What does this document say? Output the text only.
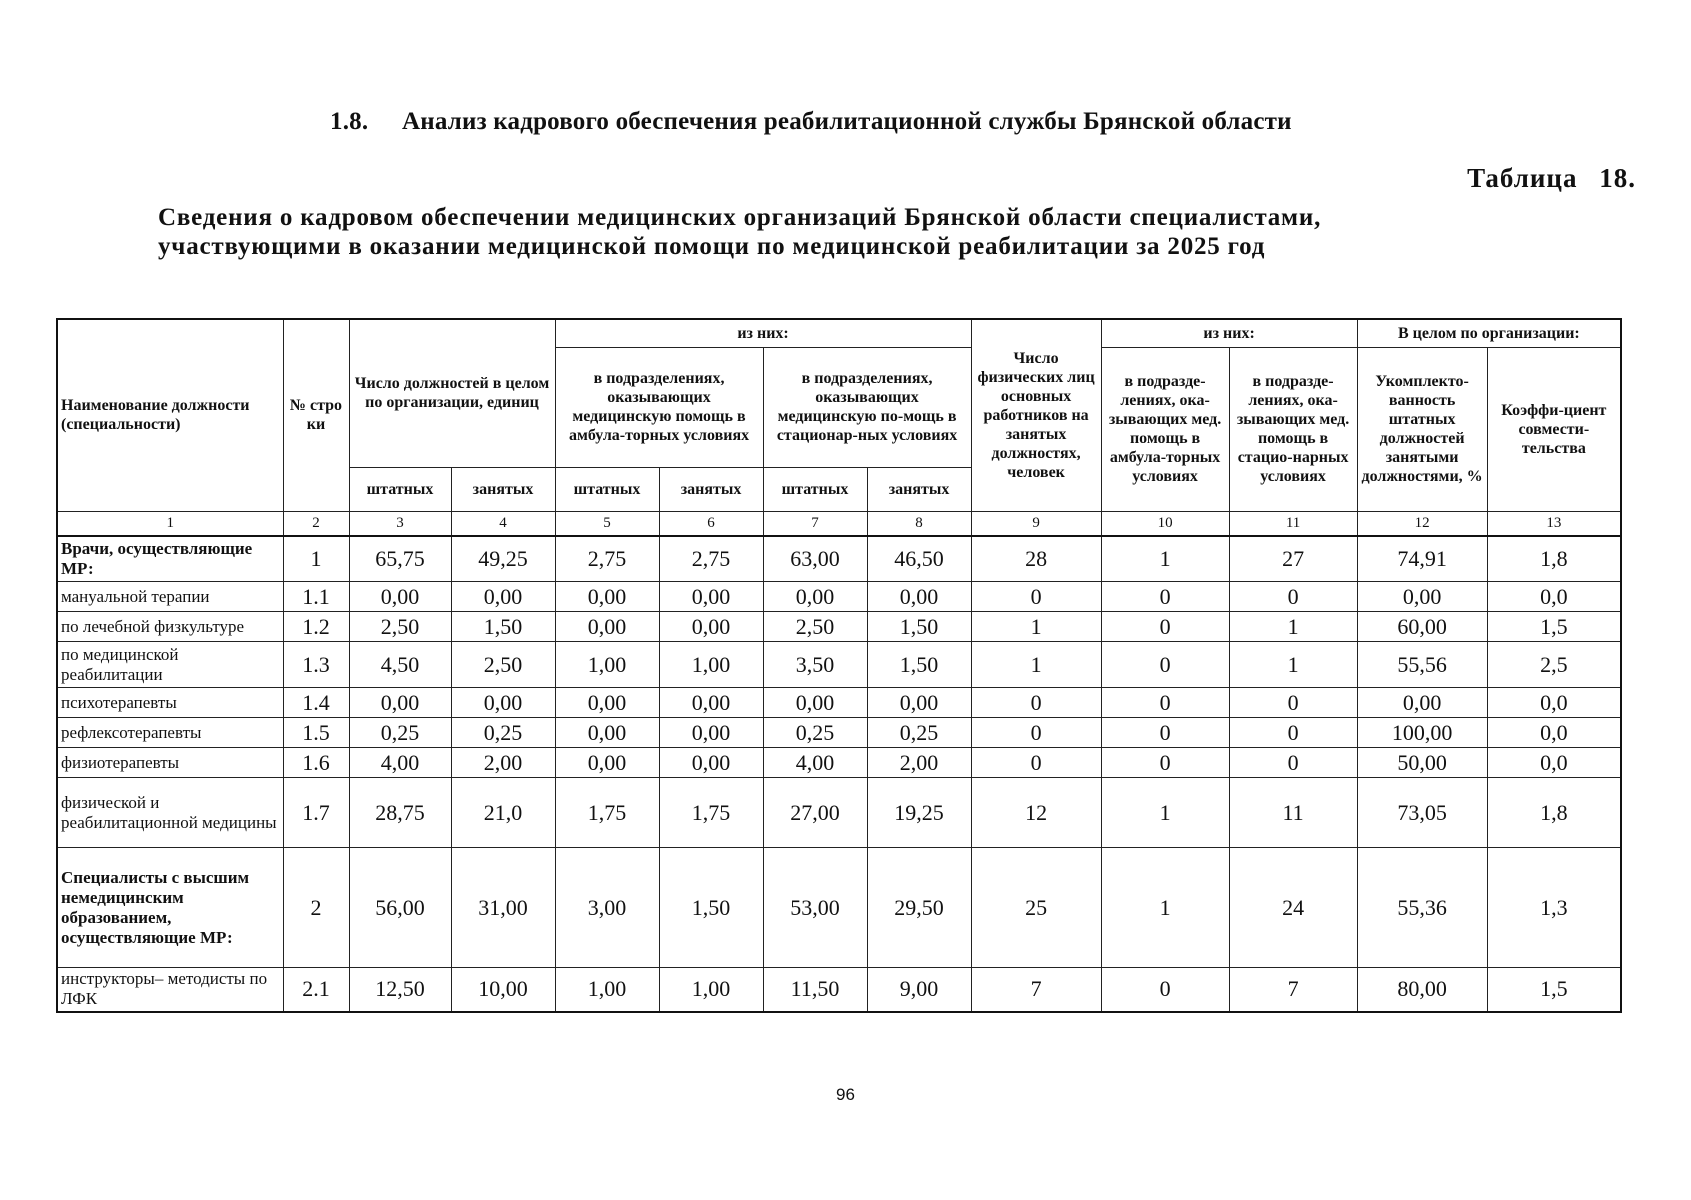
1.8. Анализ кадрового обеспечения реабилитационной службы Брянской области
Таблица 18.
Сведения о кадровом обеспечении медицинских организаций Брянской области специалистами,
участвующими в оказании медицинской помощи по медицинской реабилитации за 2025 год
Наименование должности (специальности)	№ стро ки	Число должностей в целом по организации, единиц		из них:				Число физических лиц основных работников на занятых должностях, человек	из них:		В целом по организации:	
				в подразделениях, оказывающих медицинскую помощь в амбула-торных условиях		в подразделениях, оказывающих медицинскую по-мощь в стационар-ных условиях			в подразде-лениях, ока-зывающих мед. помощь в амбула-торных условиях	в подразде-лениях, ока-зывающих мед. помощь в стацио-нарных условиях	Укомплекто-ванность штатных должностей занятыми должностями, %	Коэффи-циент совмести-тельства
		штатных	занятых	штатных	занятых	штатных	занятых					
1	2	3	4	5	6	7	8	9	10	11	12	13
Врачи, осуществляющие МР:	1	65,75	49,25	2,75	2,75	63,00	46,50	28	1	27	74,91	1,8
мануальной терапии	1.1	0,00	0,00	0,00	0,00	0,00	0,00	0	0	0	0,00	0,0
по лечебной физкультуре	1.2	2,50	1,50	0,00	0,00	2,50	1,50	1	0	1	60,00	1,5
по медицинской реабилитации	1.3	4,50	2,50	1,00	1,00	3,50	1,50	1	0	1	55,56	2,5
психотерапевты	1.4	0,00	0,00	0,00	0,00	0,00	0,00	0	0	0	0,00	0,0
рефлексотерапевты	1.5	0,25	0,25	0,00	0,00	0,25	0,25	0	0	0	100,00	0,0
физиотерапевты	1.6	4,00	2,00	0,00	0,00	4,00	2,00	0	0	0	50,00	0,0
физической и реабилитационной медицины	1.7	28,75	21,0	1,75	1,75	27,00	19,25	12	1	11	73,05	1,8
Специалисты с высшим немедицинским образованием, осуществляющие МР:	2	56,00	31,00	3,00	1,50	53,00	29,50	25	1	24	55,36	1,3
инструкторы– методисты по ЛФК	2.1	12,50	10,00	1,00	1,00	11,50	9,00	7	0	7	80,00	1,5
96
